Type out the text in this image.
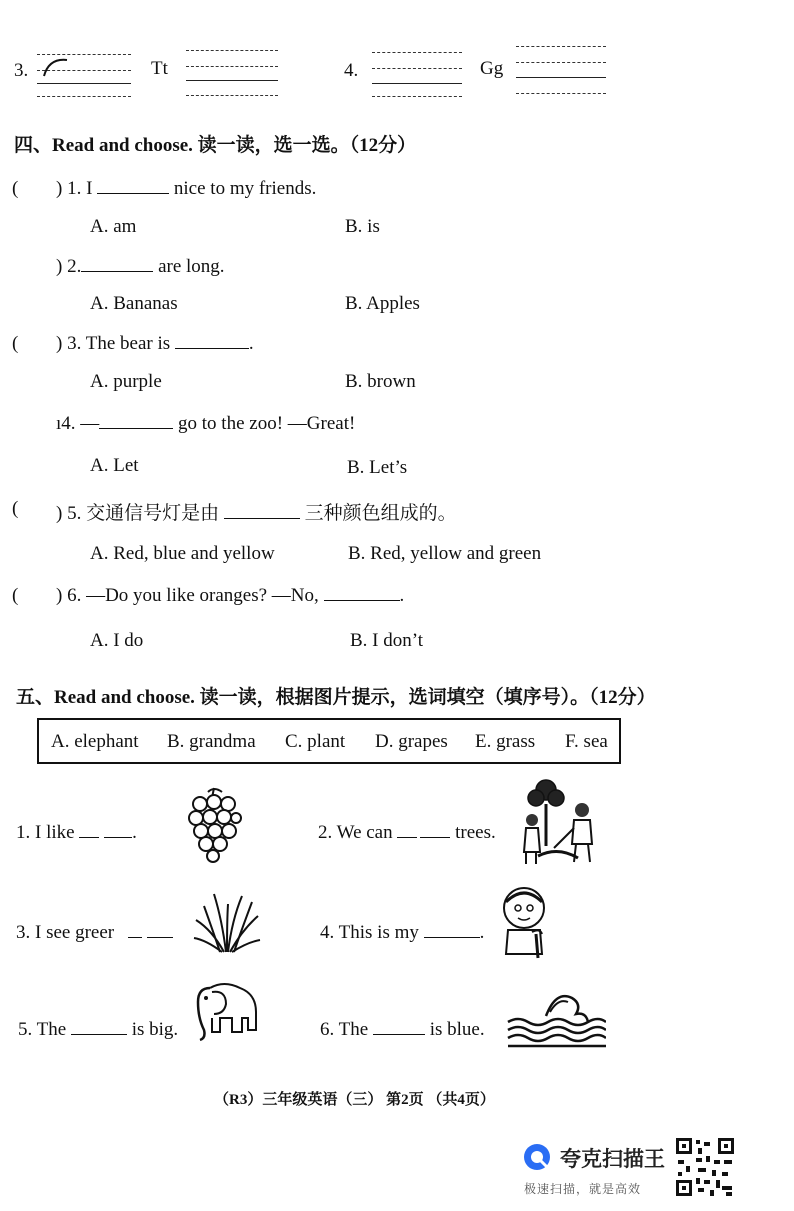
3.	Tt	4.	Gg
四、Read and choose. 读一读，选一选。（12分）
( ) 1. I	nice to my friends.
A. am	B. is
) 2.	are long.
A. Bananas	B. Apples
( ) 3. The bear is	.
A. purple	B. brown
ı4. —	go to the zoo! —Great!
A. Let	B. Let’s
( ) 5. 交通信号灯是由	三种颜色组成的。
A. Red, blue and yellow	B. Red, yellow and green
( ) 6. —Do you like oranges? —No,	.
A. I do	B. I don’t
五、Read and choose. 读一读，根据图片提示，选词填空（填序号）。（12分）
A. elephant B. grandma C. plant D. grapes E. grass F. sea
1. I like	.	2. We can	trees.
3. I see greer	4. This is my	.
5. The	is big.	6. The	is blue.
（R3）三年级英语（三） 第2页 （共4页）
夸克扫描王
极速扫描，就是高效
